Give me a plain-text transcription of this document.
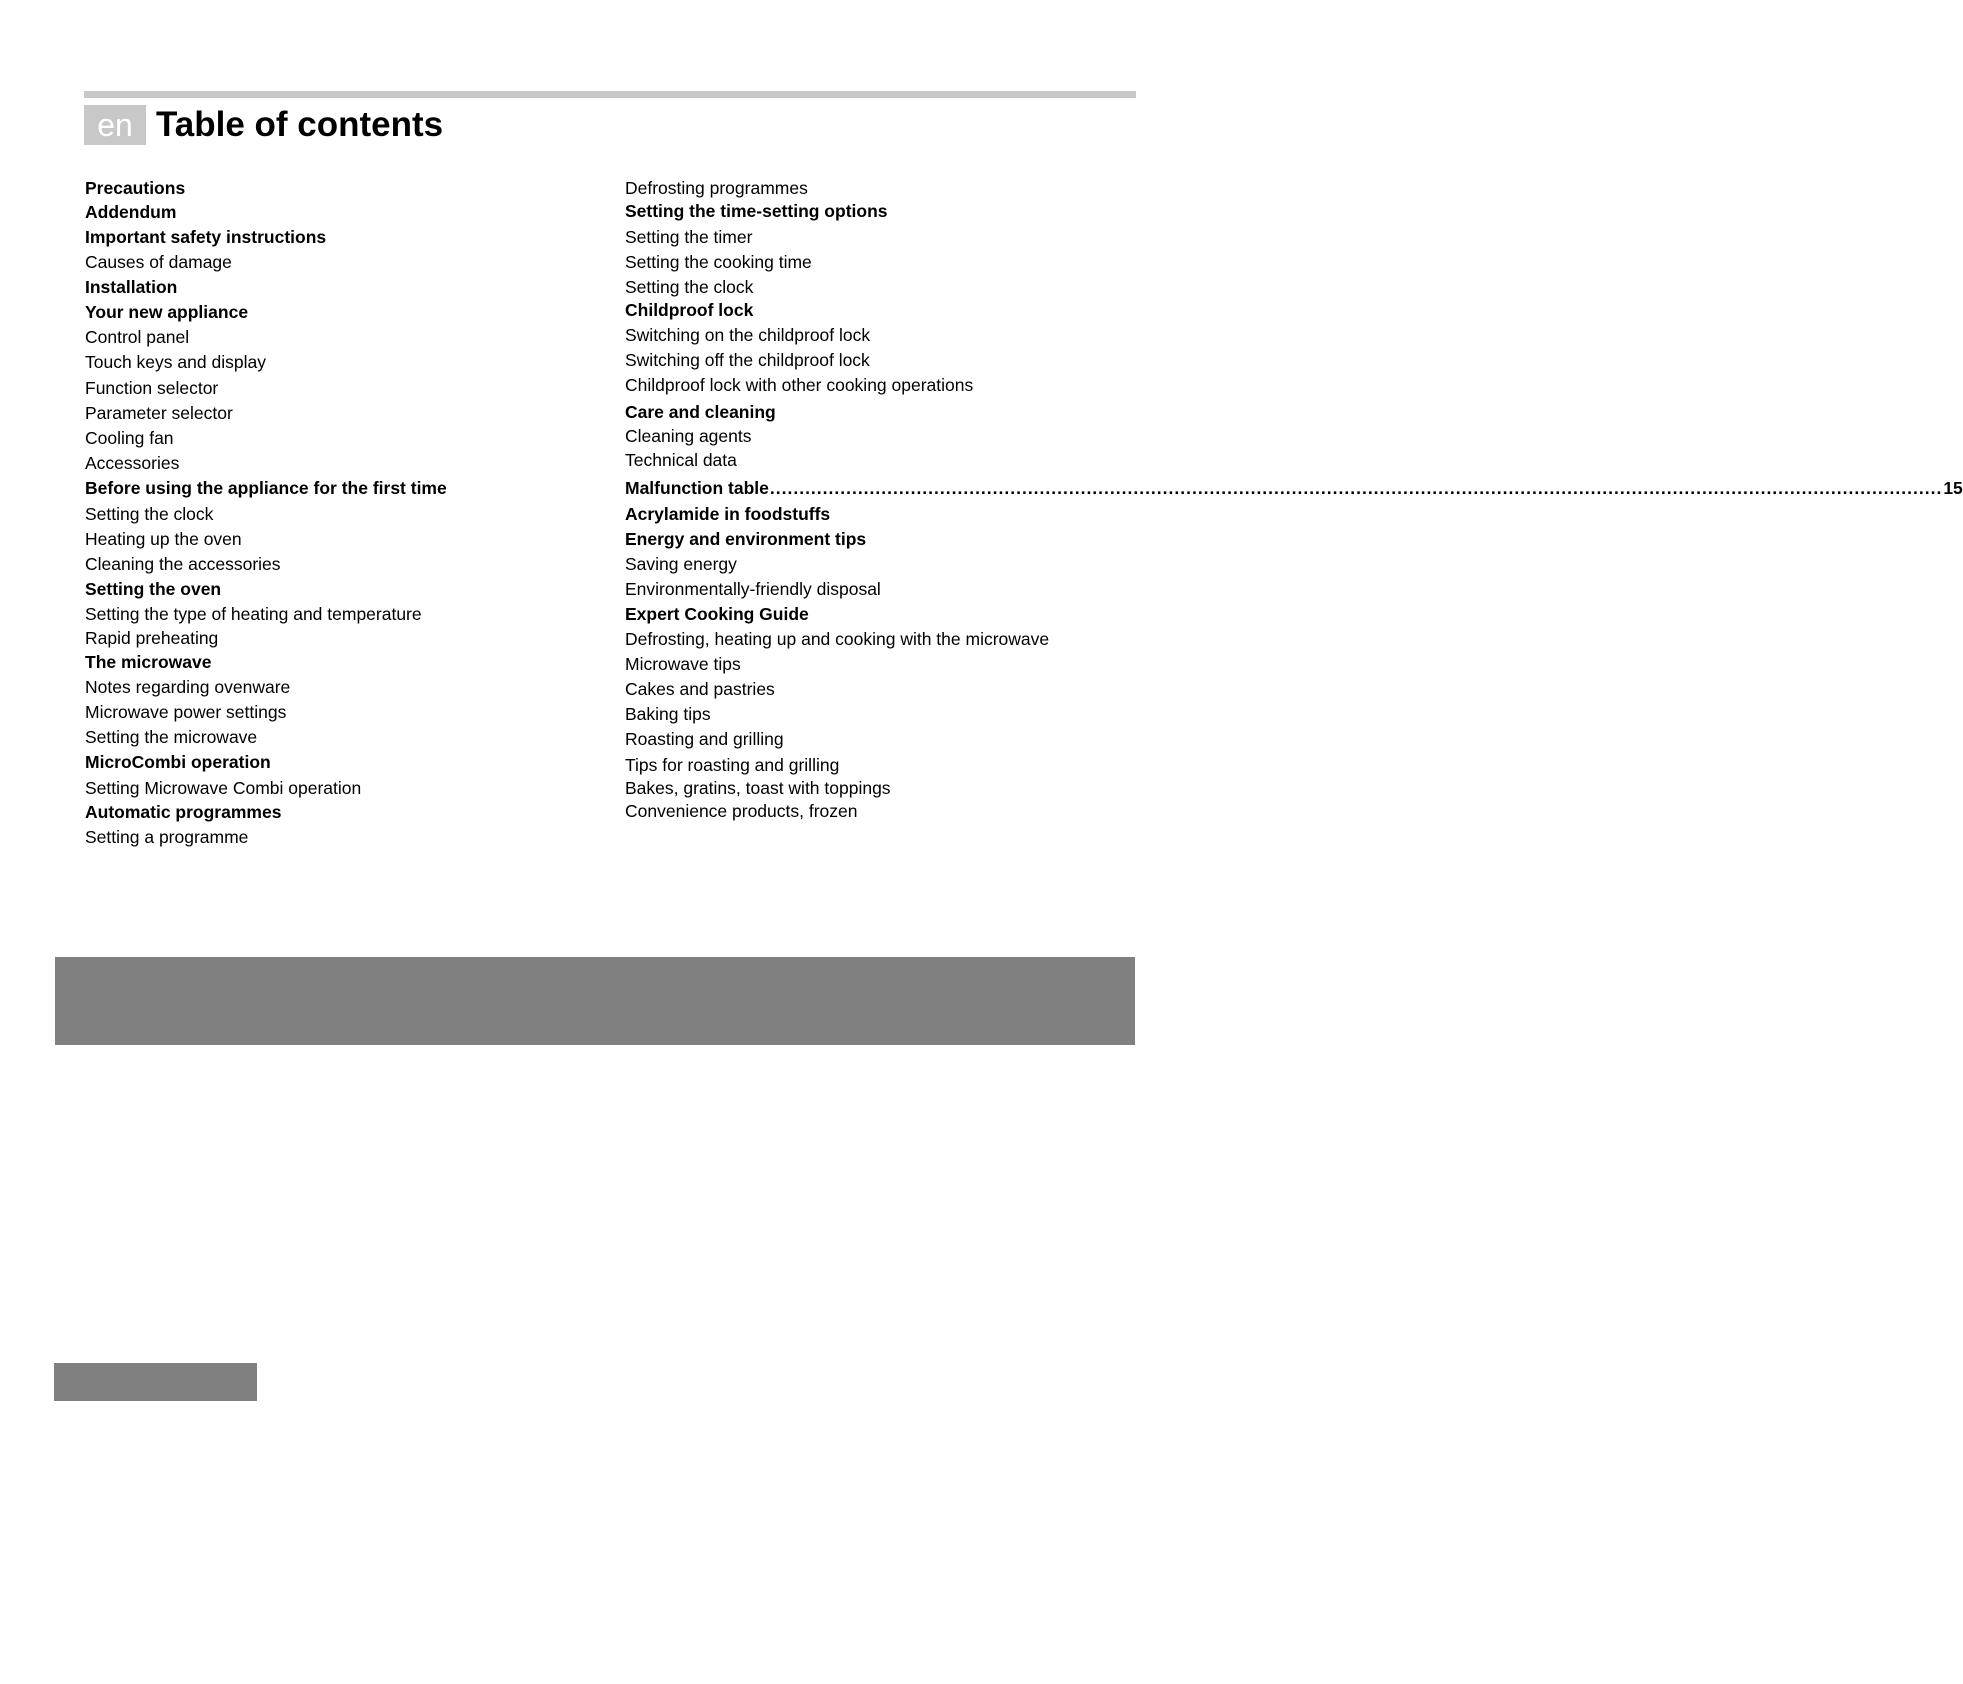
en Table of contents
Precautions
Addendum
Important safety instructions
Causes of damage
Installation
Your new appliance
Control panel
Touch keys and display
Function selector
Parameter selector
Cooling fan
Accessories
Before using the appliance for the first time
Setting the clock
Heating up the oven
Cleaning the accessories
Setting the oven
Setting the type of heating and temperature
Rapid preheating
The microwave
Notes regarding ovenware
Microwave power settings
Setting the microwave
MicroCombi operation
Setting Microwave Combi operation
Automatic programmes
Setting a programme
Defrosting programmes
Setting the time-setting options
Setting the timer
Setting the cooking time
Setting the clock
Childproof lock
Switching on the childproof lock
Switching off the childproof lock
Childproof lock with other cooking operations
Care and cleaning
Cleaning agents
Technical data
Malfunction table ........................................................................................................................................................................................................ 15
Acrylamide in foodstuffs
Energy and environment tips
Saving energy
Environmentally-friendly disposal
Expert Cooking Guide
Defrosting, heating up and cooking with the microwave
Microwave tips
Cakes and pastries
Baking tips
Roasting and grilling
Tips for roasting and grilling
Bakes, gratins, toast with toppings
Convenience products, frozen
